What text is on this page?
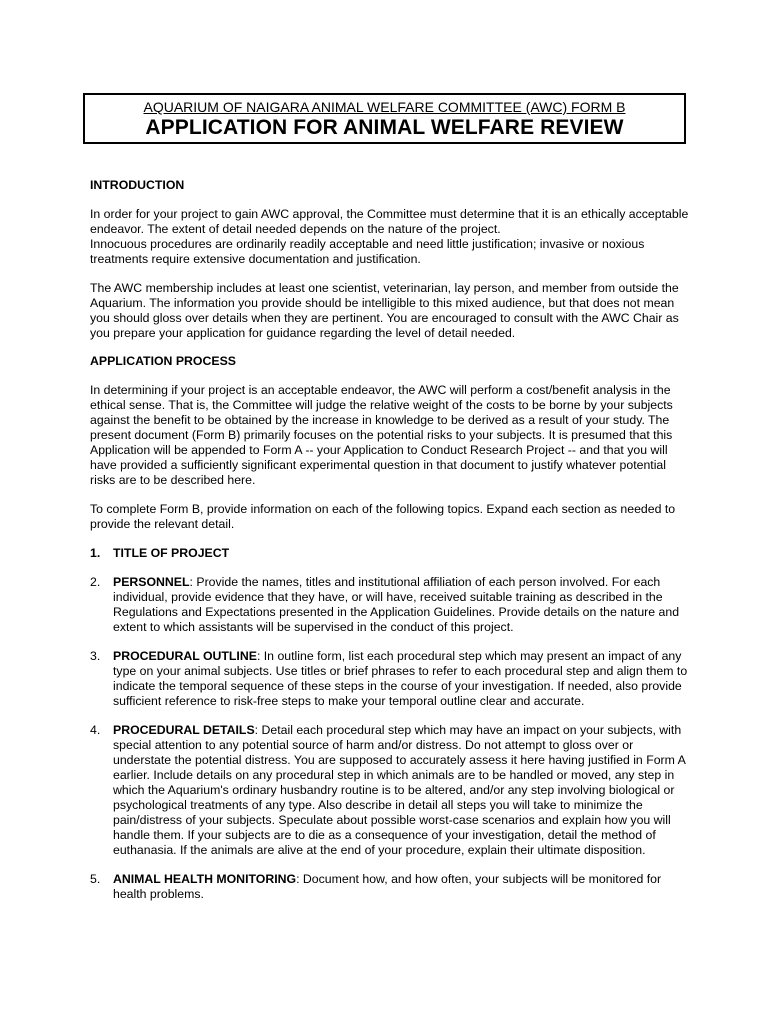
AQUARIUM OF NAIGARA ANIMAL WELFARE COMMITTEE (AWC) FORM B
APPLICATION FOR ANIMAL WELFARE REVIEW

INTRODUCTION

In order for your project to gain AWC approval, the Committee must determine that it is an ethically acceptable endeavor. The extent of detail needed depends on the nature of the project.

Innocuous procedures are ordinarily readily acceptable and need little justification; invasive or noxious treatments require extensive documentation and justification.

The AWC membership includes at least one scientist, veterinarian, lay person, and member from outside the Aquarium. The information you provide should be intelligible to this mixed audience, but that does not mean you should gloss over details when they are pertinent. You are encouraged to consult with the AWC Chair as you prepare your application for guidance regarding the level of detail needed.

APPLICATION PROCESS

In determining if your project is an acceptable endeavor, the AWC will perform a cost/benefit analysis in the ethical sense. That is, the Committee will judge the relative weight of the costs to be borne by your subjects against the benefit to be obtained by the increase in knowledge to be derived as a result of your study. The present document (Form B) primarily focuses on the potential risks to your subjects. It is presumed that this Application will be appended to Form A -- your Application to Conduct Research Project -- and that you will have provided a sufficiently significant experimental question in that document to justify whatever potential risks are to be described here.

To complete Form B, provide information on each of the following topics. Expand each section as needed to provide the relevant detail.

1.	TITLE OF PROJECT
2.	PERSONNEL: Provide the names, titles and institutional affiliation of each person involved. For each individual, provide evidence that they have, or will have, received suitable training as described in the Regulations and Expectations presented in the Application Guidelines. Provide details on the nature and extent to which assistants will be supervised in the conduct of this project.
3.	PROCEDURAL OUTLINE: In outline form, list each procedural step which may present an impact of any type on your animal subjects. Use titles or brief phrases to refer to each procedural step and align them to indicate the temporal sequence of these steps in the course of your investigation. If needed, also provide sufficient reference to risk-free steps to make your temporal outline clear and accurate.
4.	PROCEDURAL DETAILS: Detail each procedural step which may have an impact on your subjects, with special attention to any potential source of harm and/or distress. Do not attempt to gloss over or understate the potential distress. You are supposed to accurately assess it here having justified in Form A earlier. Include details on any procedural step in which animals are to be handled or moved, any step in which the Aquarium's ordinary husbandry routine is to be altered, and/or any step involving biological or psychological treatments of any type. Also describe in detail all steps you will take to minimize the pain/distress of your subjects. Speculate about possible worst-case scenarios and explain how you will handle them. If your subjects are to die as a consequence of your investigation, detail the method of euthanasia. If the animals are alive at the end of your procedure, explain their ultimate disposition.
5.	ANIMAL HEALTH MONITORING: Document how, and how often, your subjects will be monitored for health problems.
